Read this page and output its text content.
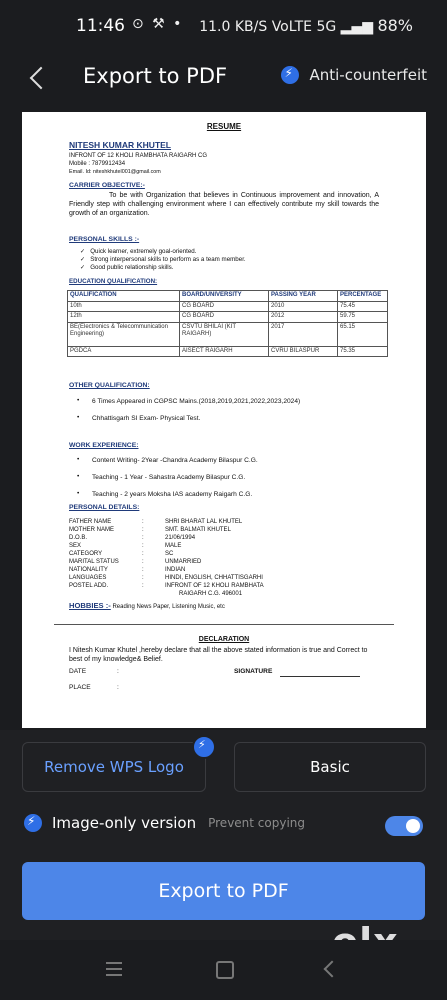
11:46 ⊙ ⚒ • 11.0 KB/S VoLTE 5G ▂▄▆ 88%
Export to PDF ⚡	Anti-counterfeit
RESUME
NITESH KUMAR KHUTEL
INFRONT OF 12 KHOLI RAMBHATA RAIGARH CG
Mobile : 7879912434
Email. Id: niteshkhutel001@gmail.com
CARRIER OBJECTIVE:-
To be with Organization that believes in Continuous improvement and innovation, A Friendly step with challenging environment where I can effectively contribute my skill towards the growth of an organization.
PERSONAL SKILLS :-
✓ Quick learner, extremely goal-oriented.
✓ Strong interpersonal skills to perform as a team member.
✓ Good public relationship skills.
EDUCATION QUALIFICATION:
QUALIFICATION	BOARD/UNIVERSITY	PASSING YEAR	PERCENTAGE
10th	CG BOARD	2010	75.45
12th	CG BOARD	2012	59.75
BE(Electronics & Telecommunication Engineering)	CSVTU BHILAI (KIT RAIGARH)	2017	65.15
PGDCA	AISECT RAIGARH	CVRU BILASPUR	75.35
OTHER QUALIFICATION:
• 6 Times Appeared in CGPSC Mains.(2018,2019,2021,2022,2023,2024)
• Chhattisgarh SI Exam- Physical Test.
WORK EXPERIENCE:
• Content Writing- 2Year -Chandra Academy Bilaspur C.G.
• Teaching - 1 Year - Sahastra Academy Bilaspur C.G.
• Teaching - 2 years Moksha IAS academy Raigarh C.G.
PERSONAL DETAILS:
FATHER NAME	:	SHRI BHARAT LAL KHUTEL
MOTHER NAME	:	SMT. BALMATI KHUTEL
D.O.B.	:	21/06/1994
SEX	:	MALE
CATEGORY	:	SC
MARITAL STATUS	:	UNMARRIED
NATIONALITY	:	INDIAN
LANGUAGES	:	HINDI, ENGLISH, CHHATTISGARHI
POSTEL ADD.	:	INFRONT OF 12 KHOLI RAMBHATA
RAIGARH C.G. 496001
HOBBIES :- Reading News Paper, Listening Music, etc
DECLARATION
I Nitesh Kumar Khutel ,hereby declare that all the above stated information is true and Correct to best of my knowledge& Belief.
DATE	:	SIGNATURE
PLACE	:
Remove WPS Logo
⚡	Basic
⚡
Image-only version Prevent copying
Export to PDF
